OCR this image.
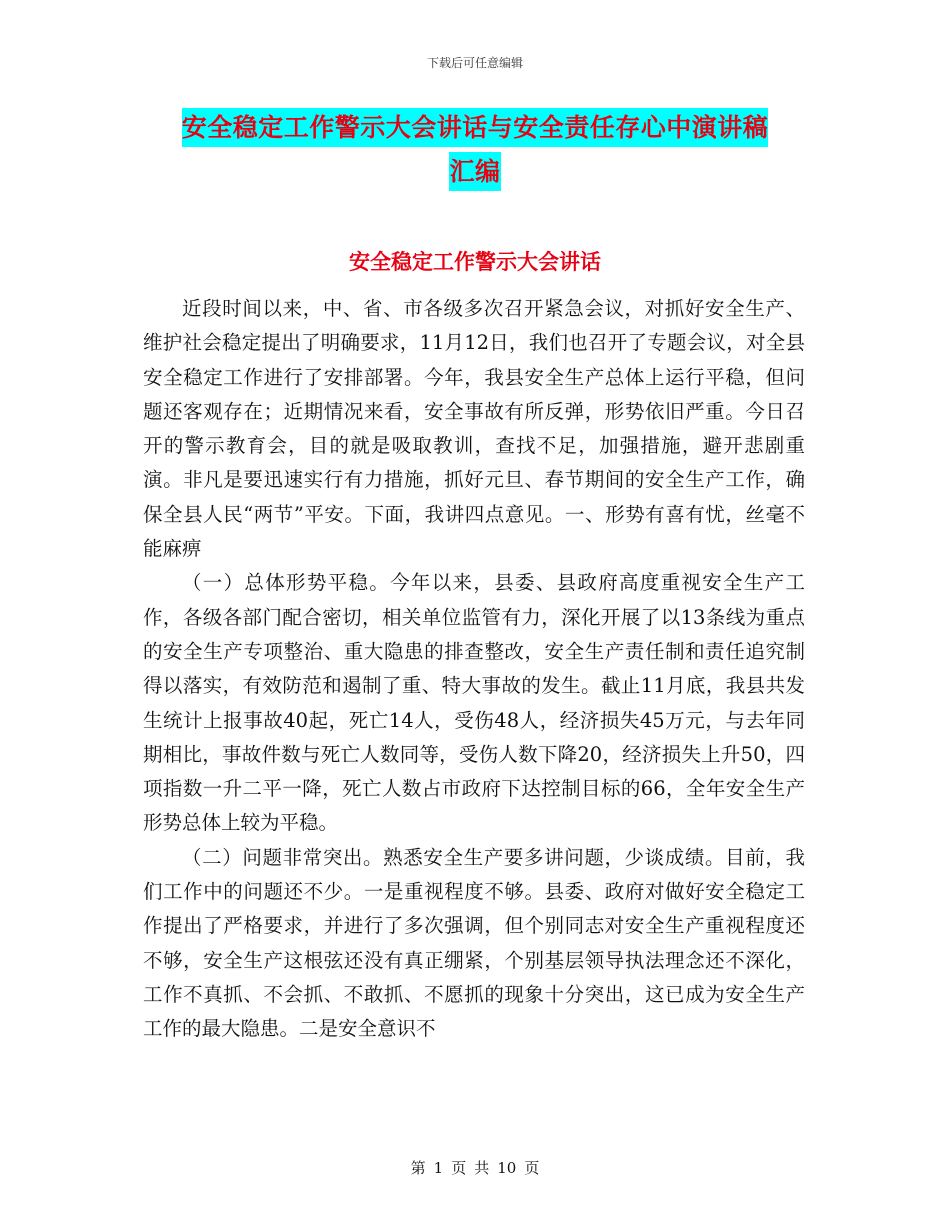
下载后可任意编辑
安全稳定工作警示大会讲话与安全责任存心中演讲稿
汇编
安全稳定工作警示大会讲话

近段时间以来，中、省、市各级多次召开紧急会议，对抓好安全生产、维护社会稳定提出了明确要求，11月12日，我们也召开了专题会议，对全县安全稳定工作进行了安排部署。今年，我县安全生产总体上运行平稳，但问题还客观存在；近期情况来看，安全事故有所反弹，形势依旧严重。今日召开的警示教育会，目的就是吸取教训，查找不足，加强措施，避开悲剧重演。非凡是要迅速实行有力措施，抓好元旦、春节期间的安全生产工作，确保全县人民“两节”平安。下面，我讲四点意见。一、形势有喜有忧，丝毫不能麻痹

（一）总体形势平稳。今年以来，县委、县政府高度重视安全生产工作，各级各部门配合密切，相关单位监管有力，深化开展了以13条线为重点的安全生产专项整治、重大隐患的排查整改，安全生产责任制和责任追究制得以落实，有效防范和遏制了重、特大事故的发生。截止11月底，我县共发生统计上报事故40起，死亡14人，受伤48人，经济损失45万元，与去年同期相比，事故件数与死亡人数同等，受伤人数下降20，经济损失上升50，四项指数一升二平一降，死亡人数占市政府下达控制目标的66，全年安全生产形势总体上较为平稳。

（二）问题非常突出。熟悉安全生产要多讲问题，少谈成绩。目前，我们工作中的问题还不少。一是重视程度不够。县委、政府对做好安全稳定工作提出了严格要求，并进行了多次强调，但个别同志对安全生产重视程度还不够，安全生产这根弦还没有真正绷紧，个别基层领导执法理念还不深化，工作不真抓、不会抓、不敢抓、不愿抓的现象十分突出，这已成为安全生产工作的最大隐患。二是安全意识不

第 1 页 共 10 页
